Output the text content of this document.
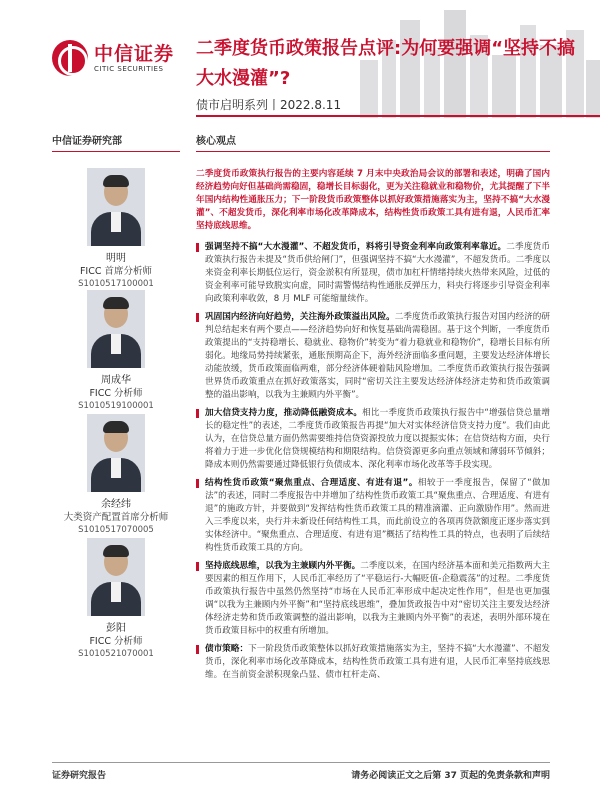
中信证券
CITIC SECURITIES
二季度货币政策报告点评:为何要强调“坚持不搞大水漫灌”?
债市启明系列丨2022.8.11
中信证券研究部
明明
FICC 首席分析师
S1010517100001
周成华
FICC 分析师
S1010519100001
余经纬
大类资产配置首席分析师
S1010517070005
彭阳
FICC 分析师
S1010521070001
核心观点
二季度货币政策执行报告的主要内容延续 7 月末中央政治局会议的部署和表述，明确了国内经济趋势向好但基础尚需稳固，稳增长目标弱化，更为关注稳就业和稳物价，尤其提醒了下半年国内结构性通胀压力；下一阶段货币政策整体以抓好政策措施落实为主，坚持不搞“大水漫灌”、不超发货币，深化利率市场化改革降成本，结构性货币政策工具有进有退，人民币汇率坚持底线思维。
强调坚持不搞“大水漫灌”、不超发货币，料将引导资金利率向政策利率靠近。二季度货币政策执行报告未提及“货币供给闸门”，但强调坚持不搞“大水漫灌”，不超发货币。二季度以来资金利率长期低位运行，资金淤积有所显现，债市加杠杆情绪持续火热带来风险，过低的资金利率可能导致脱实向虚，同时需警惕结构性通胀反弹压力，料央行将逐步引导资金利率向政策利率收敛，8 月 MLF 可能缩量续作。
巩固国内经济向好趋势，关注海外政策溢出风险。二季度货币政策执行报告对国内经济的研判总结起来有两个要点——经济趋势向好和恢复基础尚需稳固。基于这个判断，一季度货币政策提出的“支持稳增长、稳就业、稳物价”转变为“着力稳就业和稳物价”，稳增长目标有所弱化。地缘局势持续紧张，通胀预期高企下，海外经济面临多重问题，主要发达经济体增长动能放缓，货币政策面临两难，部分经济体硬着陆风险增加。二季度货币政策执行报告强调世界货币政策重点在抓好政策落实，同时“密切关注主要发达经济体经济走势和货币政策调整的溢出影响，以我为主兼顾内外平衡”。
加大信贷支持力度，推动降低融资成本。相比一季度货币政策执行报告中“增强信贷总量增长的稳定性”的表述，二季度货币政策报告再提“加大对实体经济信贷支持力度”。我们由此认为，在信贷总量方面仍然需要维持信贷资源投放力度以提振实体；在信贷结构方面，央行将着力于进一步优化信贷规模结构和期限结构。信贷资源更多向重点领域和薄弱环节倾斜；降成本则仍然需要通过降低银行负债成本、深化利率市场化改革等手段实现。
结构性货币政策“聚焦重点、合理适度、有进有退”。相较于一季度报告，保留了“做加法”的表述，同时二季度报告中并增加了结构性货币政策工具“聚焦重点、合理适度、有进有退”的施政方针，并要做到“发挥结构性货币政策工具的精准滴灌、正向激励作用”。然而进入三季度以来，央行并未新设任何结构性工具，而此前设立的各项再贷款额度正逐步落实到实体经济中。“聚焦重点、合理适度、有进有退”概括了结构性工具的特点，也表明了后续结构性货币政策工具的方向。
坚持底线思维，以我为主兼顾内外平衡。二季度以来，在国内经济基本面和美元指数两大主要因素的相互作用下，人民币汇率经历了“平稳运行-大幅贬值-企稳震荡”的过程。二季度货币政策执行报告中虽然仍然坚持“市场在人民币汇率形成中起决定性作用”，但是也更加强调“以我为主兼顾内外平衡”和“坚持底线思维”，叠加货政报告中对“密切关注主要发达经济体经济走势和货币政策调整的溢出影响，以我为主兼顾内外平衡”的表述，表明外部环境在货币政策目标中的权重有所增加。
债市策略：下一阶段货币政策整体以抓好政策措施落实为主，坚持不搞“大水漫灌”、不超发货币，深化利率市场化改革降成本，结构性货币政策工具有进有退，人民币汇率坚持底线思维。在当前资金淤积现象凸显、债市杠杆走高、
证券研究报告	请务必阅读正文之后第 37 页起的免责条款和声明
